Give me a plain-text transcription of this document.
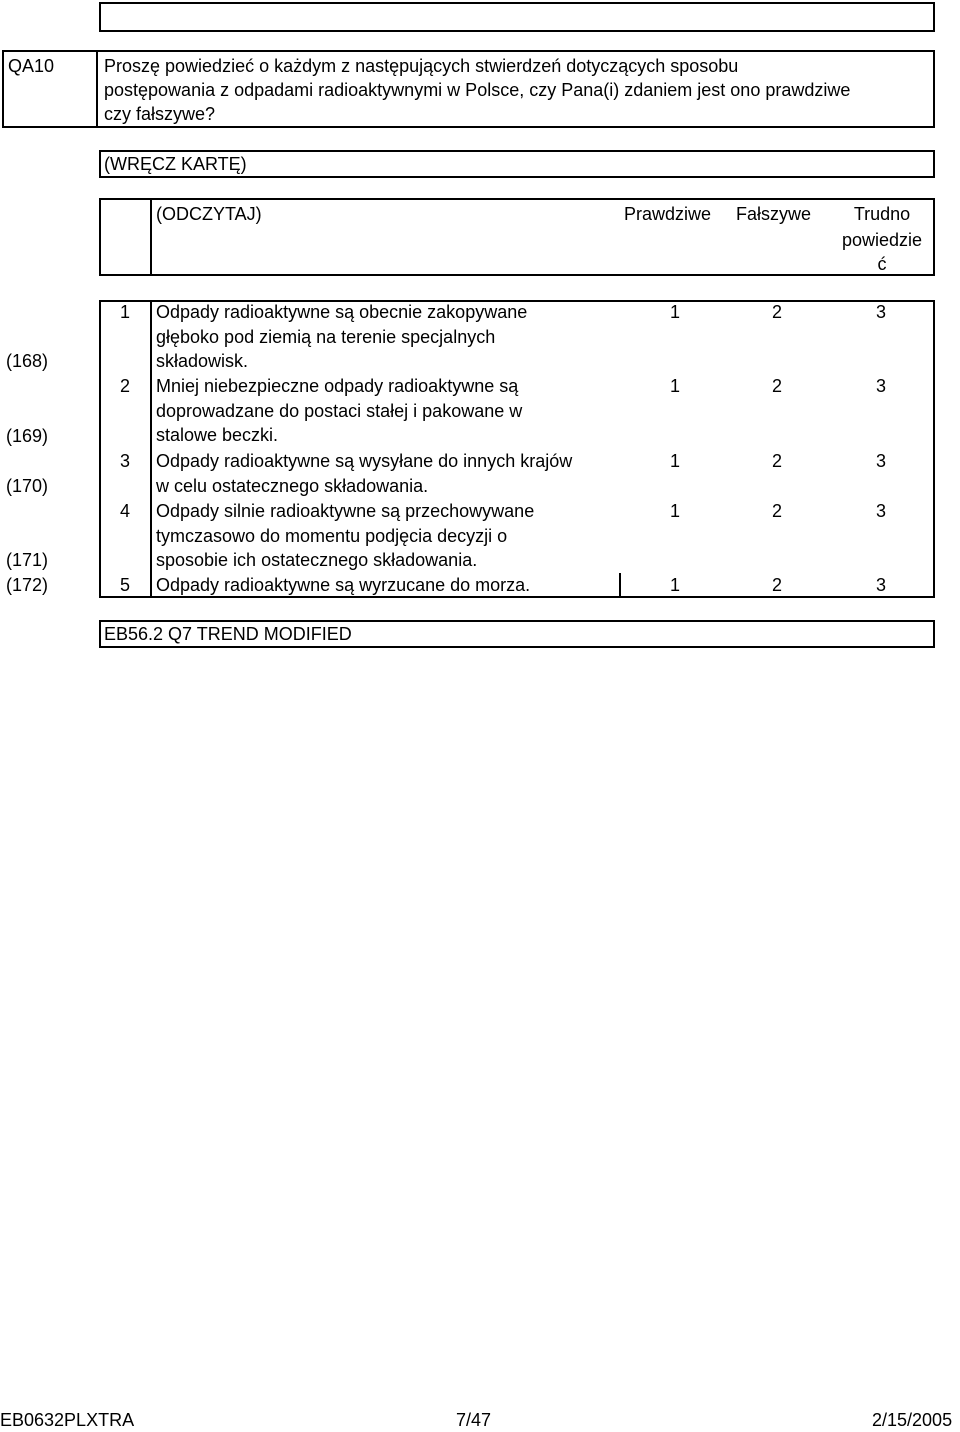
QA10	Proszę powiedzieć o każdym z następujących stwierdzeń dotyczących sposobu
postępowania z odpadami radioaktywnymi w Polsce, czy Pana(i) zdaniem jest ono prawdziwe
czy fałszywe?
(WRĘCZ KARTĘ)
(ODCZYTAJ)	Prawdziwe Fałszywe	Trudno
powiedzie
ć
1 Odpady radioaktywne są obecnie zakopywane
głęboko pod ziemią na terenie specjalnych
składowisk.
1	2	3
(168)
2 Mniej niebezpieczne odpady radioaktywne są
doprowadzane do postaci stałej i pakowane w
stalowe beczki.
1	2	3
(169)
3 Odpady radioaktywne są wysyłane do innych krajów
w celu ostatecznego składowania.
1	2	3
(170)
4 Odpady silnie radioaktywne są przechowywane
tymczasowo do momentu podjęcia decyzji o
sposobie ich ostatecznego składowania.
1	2	3
(171)
5 Odpady radioaktywne są wyrzucane do morza.	1	2	3
(172)
EB56.2 Q7 TREND MODIFIED
EB0632PLXTRA	7/47	2/15/2005
